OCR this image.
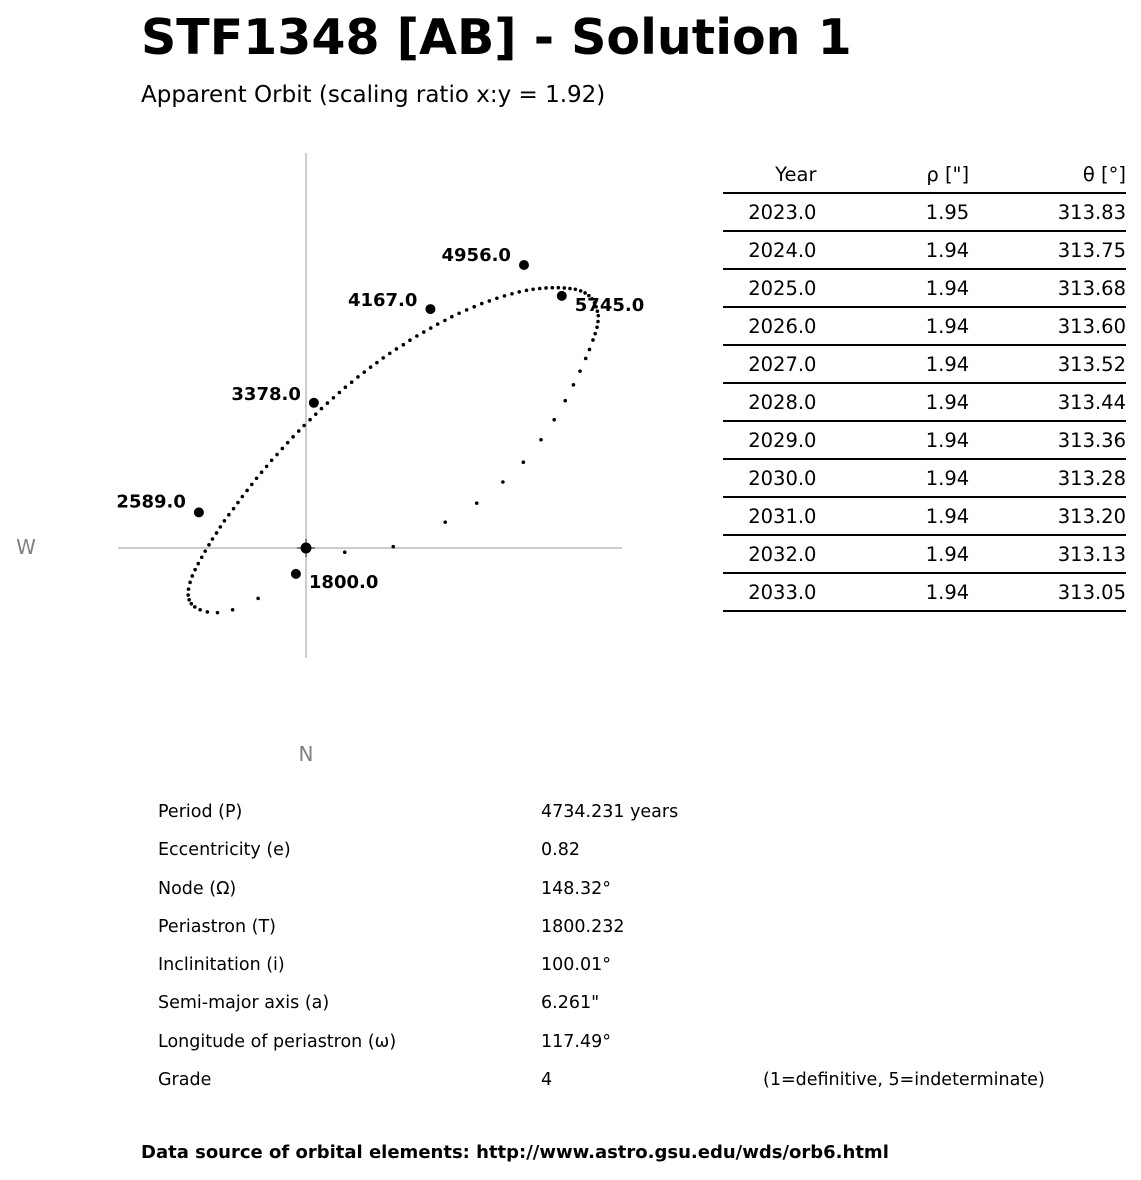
STF1348 [AB] - Solution 1
Apparent Orbit (scaling ratio x:y = 1.92)
1800.0
2589.0
3378.0
4167.0
4956.0
5745.0
W
N
Year	ρ ["]	θ [°]
2023.0	1.95	313.83
2024.0	1.94	313.75
2025.0	1.94	313.68
2026.0	1.94	313.60
2027.0	1.94	313.52
2028.0	1.94	313.44
2029.0	1.94	313.36
2030.0	1.94	313.28
2031.0	1.94	313.20
2032.0	1.94	313.13
2033.0	1.94	313.05
Period (P)	4734.231 years
Eccentricity (e)	0.82
Node (Ω)	148.32°
Periastron (T)	1800.232
Inclinitation (i)	100.01°
Semi-major axis (a)	6.261"
Longitude of periastron (ω)	117.49°
Grade	4	(1=definitive, 5=indeterminate)
Data source of orbital elements: http://www.astro.gsu.edu/wds/orb6.html
